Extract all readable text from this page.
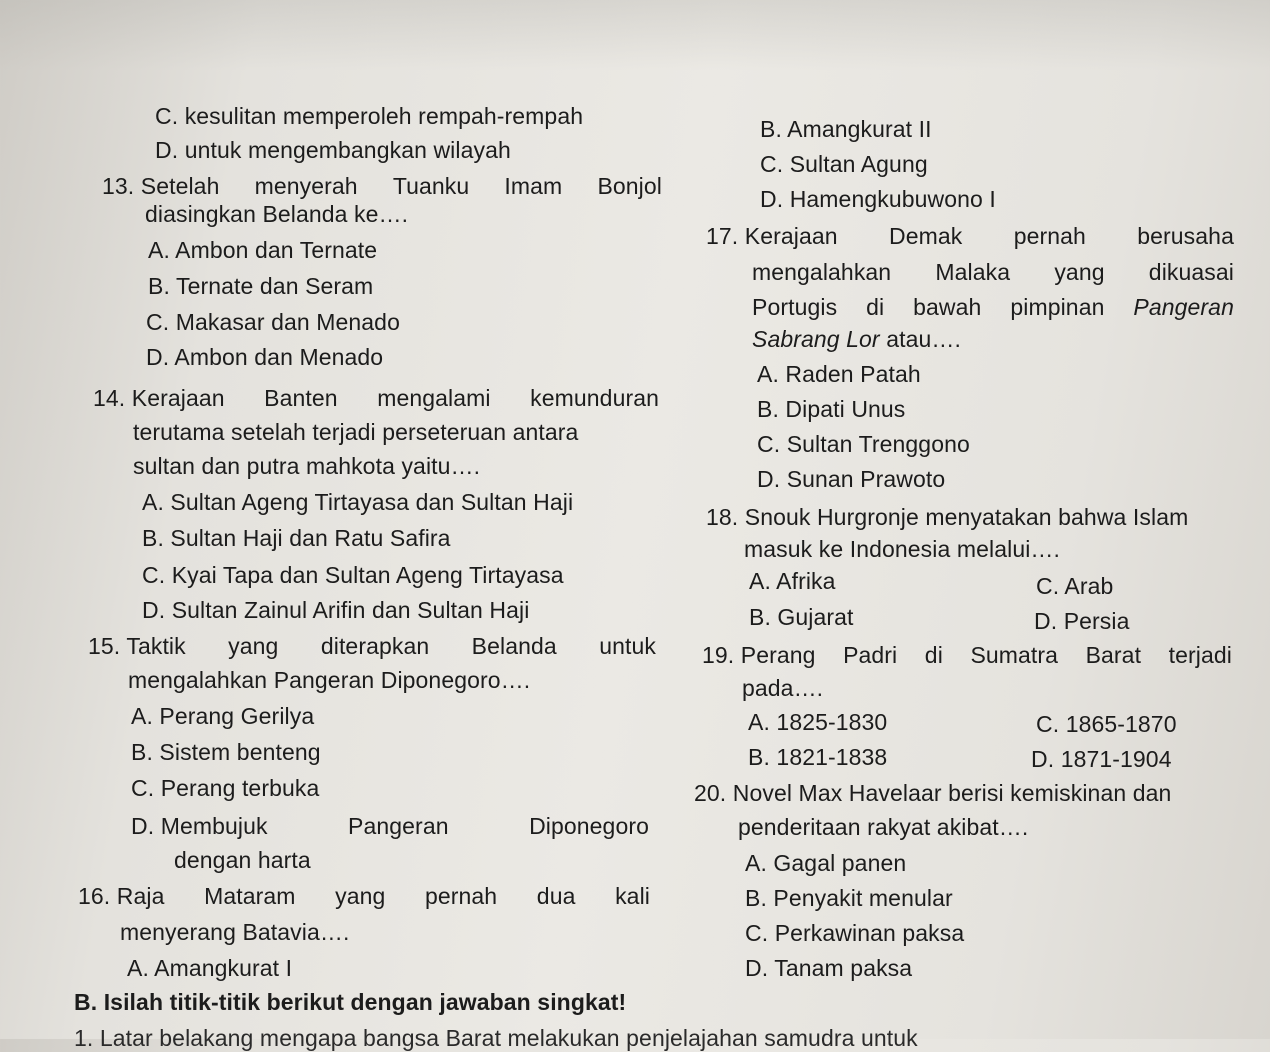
C. kesulitan memperoleh rempah-rempah
D. untuk mengembangkan wilayah
13. Setelah menyerah Tuanku Imam Bonjol
diasingkan Belanda ke….
A. Ambon dan Ternate
B. Ternate dan Seram
C. Makasar dan Menado
D. Ambon dan Menado
14. Kerajaan Banten mengalami kemunduran
terutama setelah terjadi perseteruan antara
sultan dan putra mahkota yaitu….
A. Sultan Ageng Tirtayasa dan Sultan Haji
B. Sultan Haji dan Ratu Safira
C. Kyai Tapa dan Sultan Ageng Tirtayasa
D. Sultan Zainul Arifin dan Sultan Haji
15. Taktik yang diterapkan Belanda untuk
mengalahkan Pangeran Diponegoro….
A. Perang Gerilya
B. Sistem benteng
C. Perang terbuka
D. Membujuk	Pangeran	Diponegoro
dengan harta
16. Raja Mataram yang pernah dua kali
menyerang Batavia….
A. Amangkurat I
B. Isilah titik-titik berikut dengan jawaban singkat!
1. Latar belakang mengapa bangsa Barat melakukan penjelajahan samudra untuk
B. Amangkurat II
C. Sultan Agung
D. Hamengkubuwono I
17. Kerajaan Demak pernah berusaha
mengalahkan Malaka yang dikuasai
Portugis di bawah pimpinan Pangeran
Sabrang Lor atau….
A. Raden Patah
B. Dipati Unus
C. Sultan Trenggono
D. Sunan Prawoto
18. Snouk Hurgronje menyatakan bahwa Islam
masuk ke Indonesia melalui….
A. Afrika	C. Arab
B. Gujarat	D. Persia
19. Perang Padri di Sumatra Barat terjadi
pada….
A. 1825-1830	C. 1865-1870
B. 1821-1838	D. 1871-1904
20. Novel Max Havelaar berisi kemiskinan dan
penderitaan rakyat akibat….
A. Gagal panen
B. Penyakit menular
C. Perkawinan paksa
D. Tanam paksa
